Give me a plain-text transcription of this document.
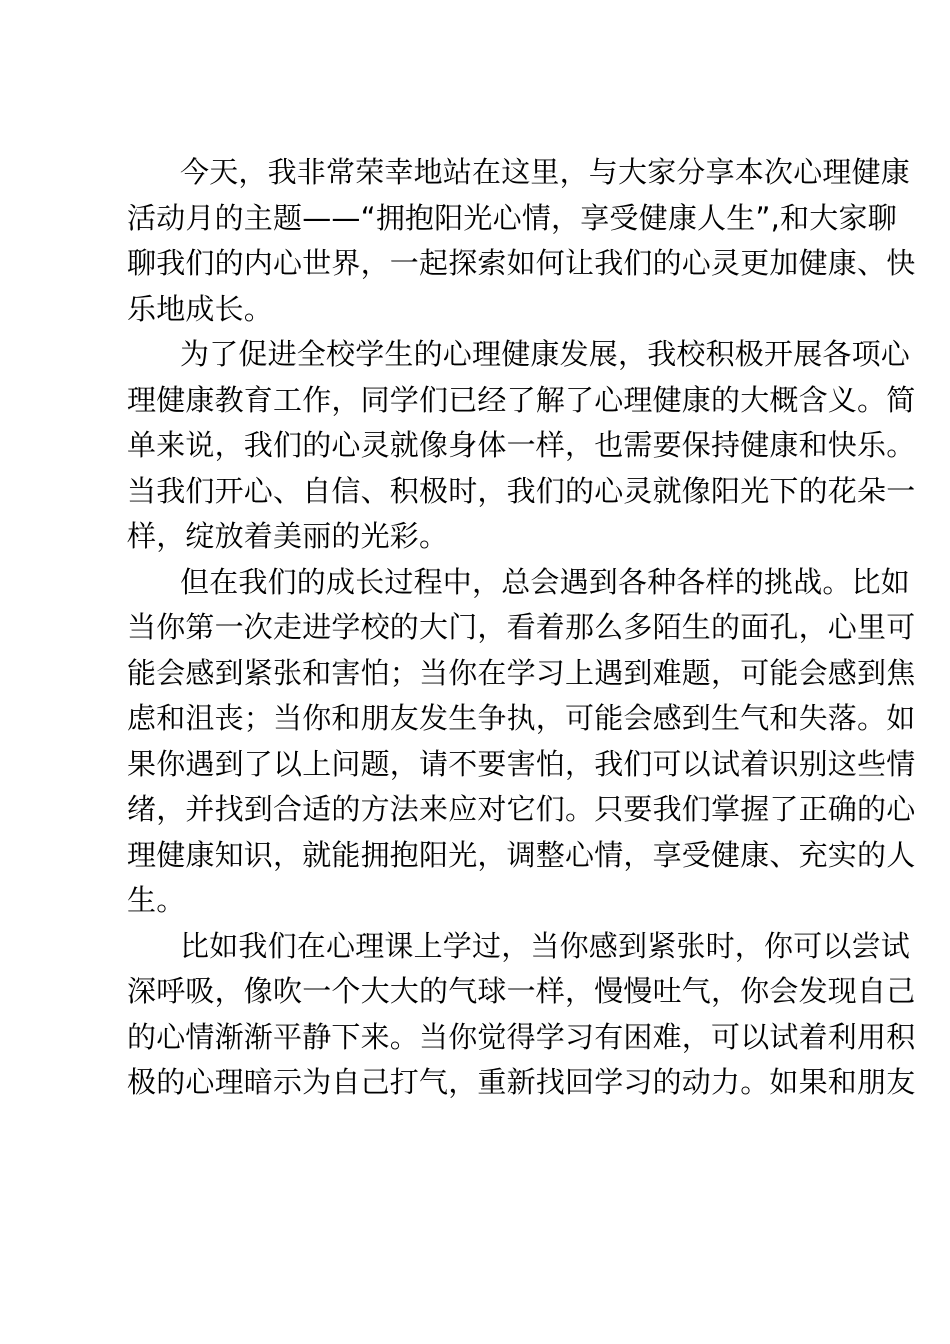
今天，我非常荣幸地站在这里，与大家分享本次心理健康
活动月的主题——“拥抱阳光心情，享受健康人生”,和大家聊
聊我们的内心世界，一起探索如何让我们的心灵更加健康、快
乐地成长。

为了促进全校学生的心理健康发展，我校积极开展各项心
理健康教育工作，同学们已经了解了心理健康的大概含义。简
单来说，我们的心灵就像身体一样，也需要保持健康和快乐。
当我们开心、自信、积极时，我们的心灵就像阳光下的花朵一
样，绽放着美丽的光彩。

但在我们的成长过程中，总会遇到各种各样的挑战。比如
当你第一次走进学校的大门，看着那么多陌生的面孔，心里可
能会感到紧张和害怕；当你在学习上遇到难题，可能会感到焦
虑和沮丧；当你和朋友发生争执，可能会感到生气和失落。如
果你遇到了以上问题，请不要害怕，我们可以试着识别这些情
绪，并找到合适的方法来应对它们。只要我们掌握了正确的心
理健康知识，就能拥抱阳光，调整心情，享受健康、充实的人
生。

比如我们在心理课上学过，当你感到紧张时，你可以尝试
深呼吸，像吹一个大大的气球一样，慢慢吐气，你会发现自己
的心情渐渐平静下来。当你觉得学习有困难，可以试着利用积
极的心理暗示为自己打气，重新找回学习的动力。如果和朋友
